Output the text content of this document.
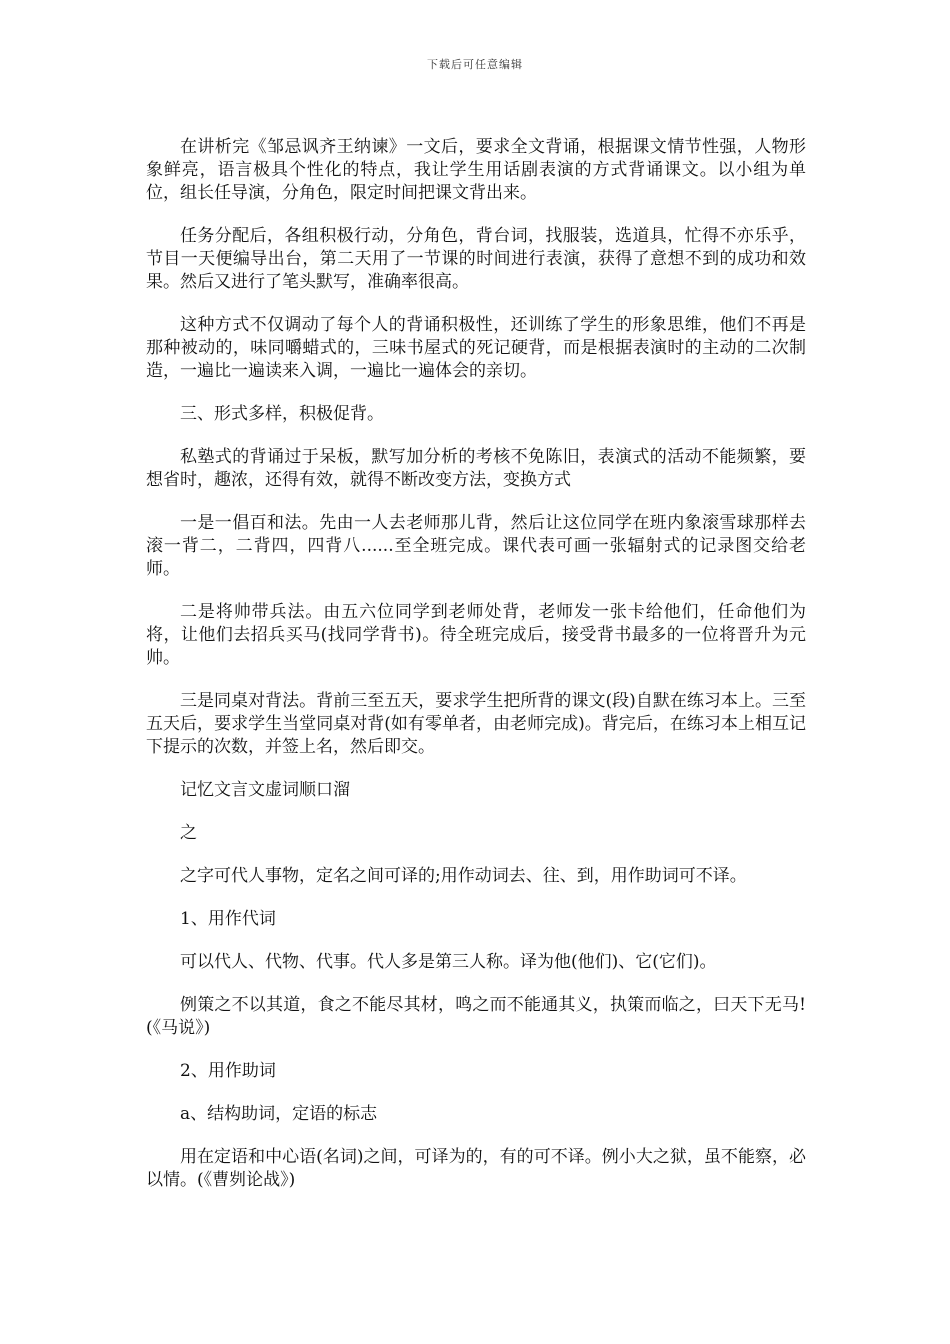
下载后可任意编辑

在讲析完《邹忌讽齐王纳谏》一文后，要求全文背诵，根据课文情节性强，人物形象鲜亮，语言极具个性化的特点，我让学生用话剧表演的方式背诵课文。以小组为单位，组长任导演，分角色，限定时间把课文背出来。

任务分配后，各组积极行动，分角色，背台词，找服装，选道具，忙得不亦乐乎，节目一天便编导出台，第二天用了一节课的时间进行表演，获得了意想不到的成功和效果。然后又进行了笔头默写，准确率很高。

这种方式不仅调动了每个人的背诵积极性，还训练了学生的形象思维，他们不再是那种被动的，味同嚼蜡式的，三味书屋式的死记硬背，而是根据表演时的主动的二次制造，一遍比一遍读来入调，一遍比一遍体会的亲切。

三、形式多样，积极促背。

私塾式的背诵过于呆板，默写加分析的考核不免陈旧，表演式的活动不能频繁，要想省时，趣浓，还得有效，就得不断改变方法，变换方式

一是一倡百和法。先由一人去老师那儿背，然后让这位同学在班内象滚雪球那样去滚一背二，二背四，四背八......至全班完成。课代表可画一张辐射式的记录图交给老师。

二是将帅带兵法。由五六位同学到老师处背，老师发一张卡给他们，任命他们为将，让他们去招兵买马(找同学背书)。待全班完成后，接受背书最多的一位将晋升为元帅。

三是同桌对背法。背前三至五天，要求学生把所背的课文(段)自默在练习本上。三至五天后，要求学生当堂同桌对背(如有零单者，由老师完成)。背完后，在练习本上相互记下提示的次数，并签上名，然后即交。

记忆文言文虚词顺口溜

之

之字可代人事物，定名之间可译的;用作动词去、往、到，用作助词可不译。

1、用作代词

可以代人、代物、代事。代人多是第三人称。译为他(他们)、它(它们)。

例策之不以其道，食之不能尽其材，鸣之而不能通其义，执策而临之，曰天下无马!(《马说》)

2、用作助词

a、结构助词，定语的标志

用在定语和中心语(名词)之间，可译为的，有的可不译。例小大之狱，虽不能察，必以情。(《曹刿论战》)
